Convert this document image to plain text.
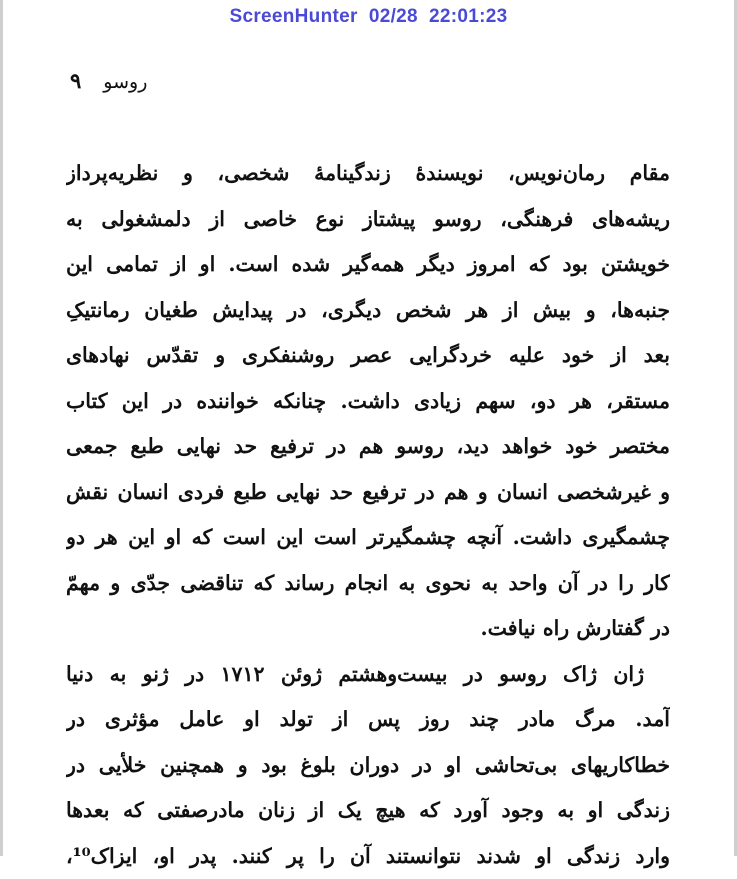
ScreenHunter  02/28  22:01:23
۹ روسو
مقام رمان‌نویس، نویسندهٔ زندگینامهٔ شخصی، و نظریه‌پرداز
ریشه‌های فرهنگی، روسو پیشتاز نوع خاصی از دلمشغولی به
خویشتن بود که امروز دیگر همه‌گیر شده است. او از تمامی این
جنبه‌ها، و بیش از هر شخص دیگری، در پیدایش طغیان رمانتیکِ
بعد از خود علیه خردگرایی عصر روشنفکری و تقدّس نهادهای
مستقر، هر دو، سهم زیادی داشت. چنانکه خواننده در این کتاب
مختصر خود خواهد دید، روسو هم در ترفیع حد نهایی طبع جمعی
و غیرشخصی انسان و هم در ترفیع حد نهایی طبع فردی انسان نقش
چشمگیری داشت. آنچه چشمگیرتر است این است که او این هر دو
کار را در آن واحد به نحوی به انجام رساند که تناقضی جدّی و مهمّ
در گفتارش راه نیافت.
ژان ژاک روسو در بیست‌وهشتم ژوئن ۱۷۱۲ در ژنو به دنیا
آمد. مرگ مادر چند روز پس از تولد او عامل مؤثری در
خطاکاریهای بی‌تحاشی او در دوران بلوغ بود و همچنین خلأیی در
زندگی او به وجود آورد که هیچ یک از زنان مادرصفتی که بعدها
وارد زندگی او شدند نتوانستند آن را پر کنند. پدر او، ایزاک¹⁰،
